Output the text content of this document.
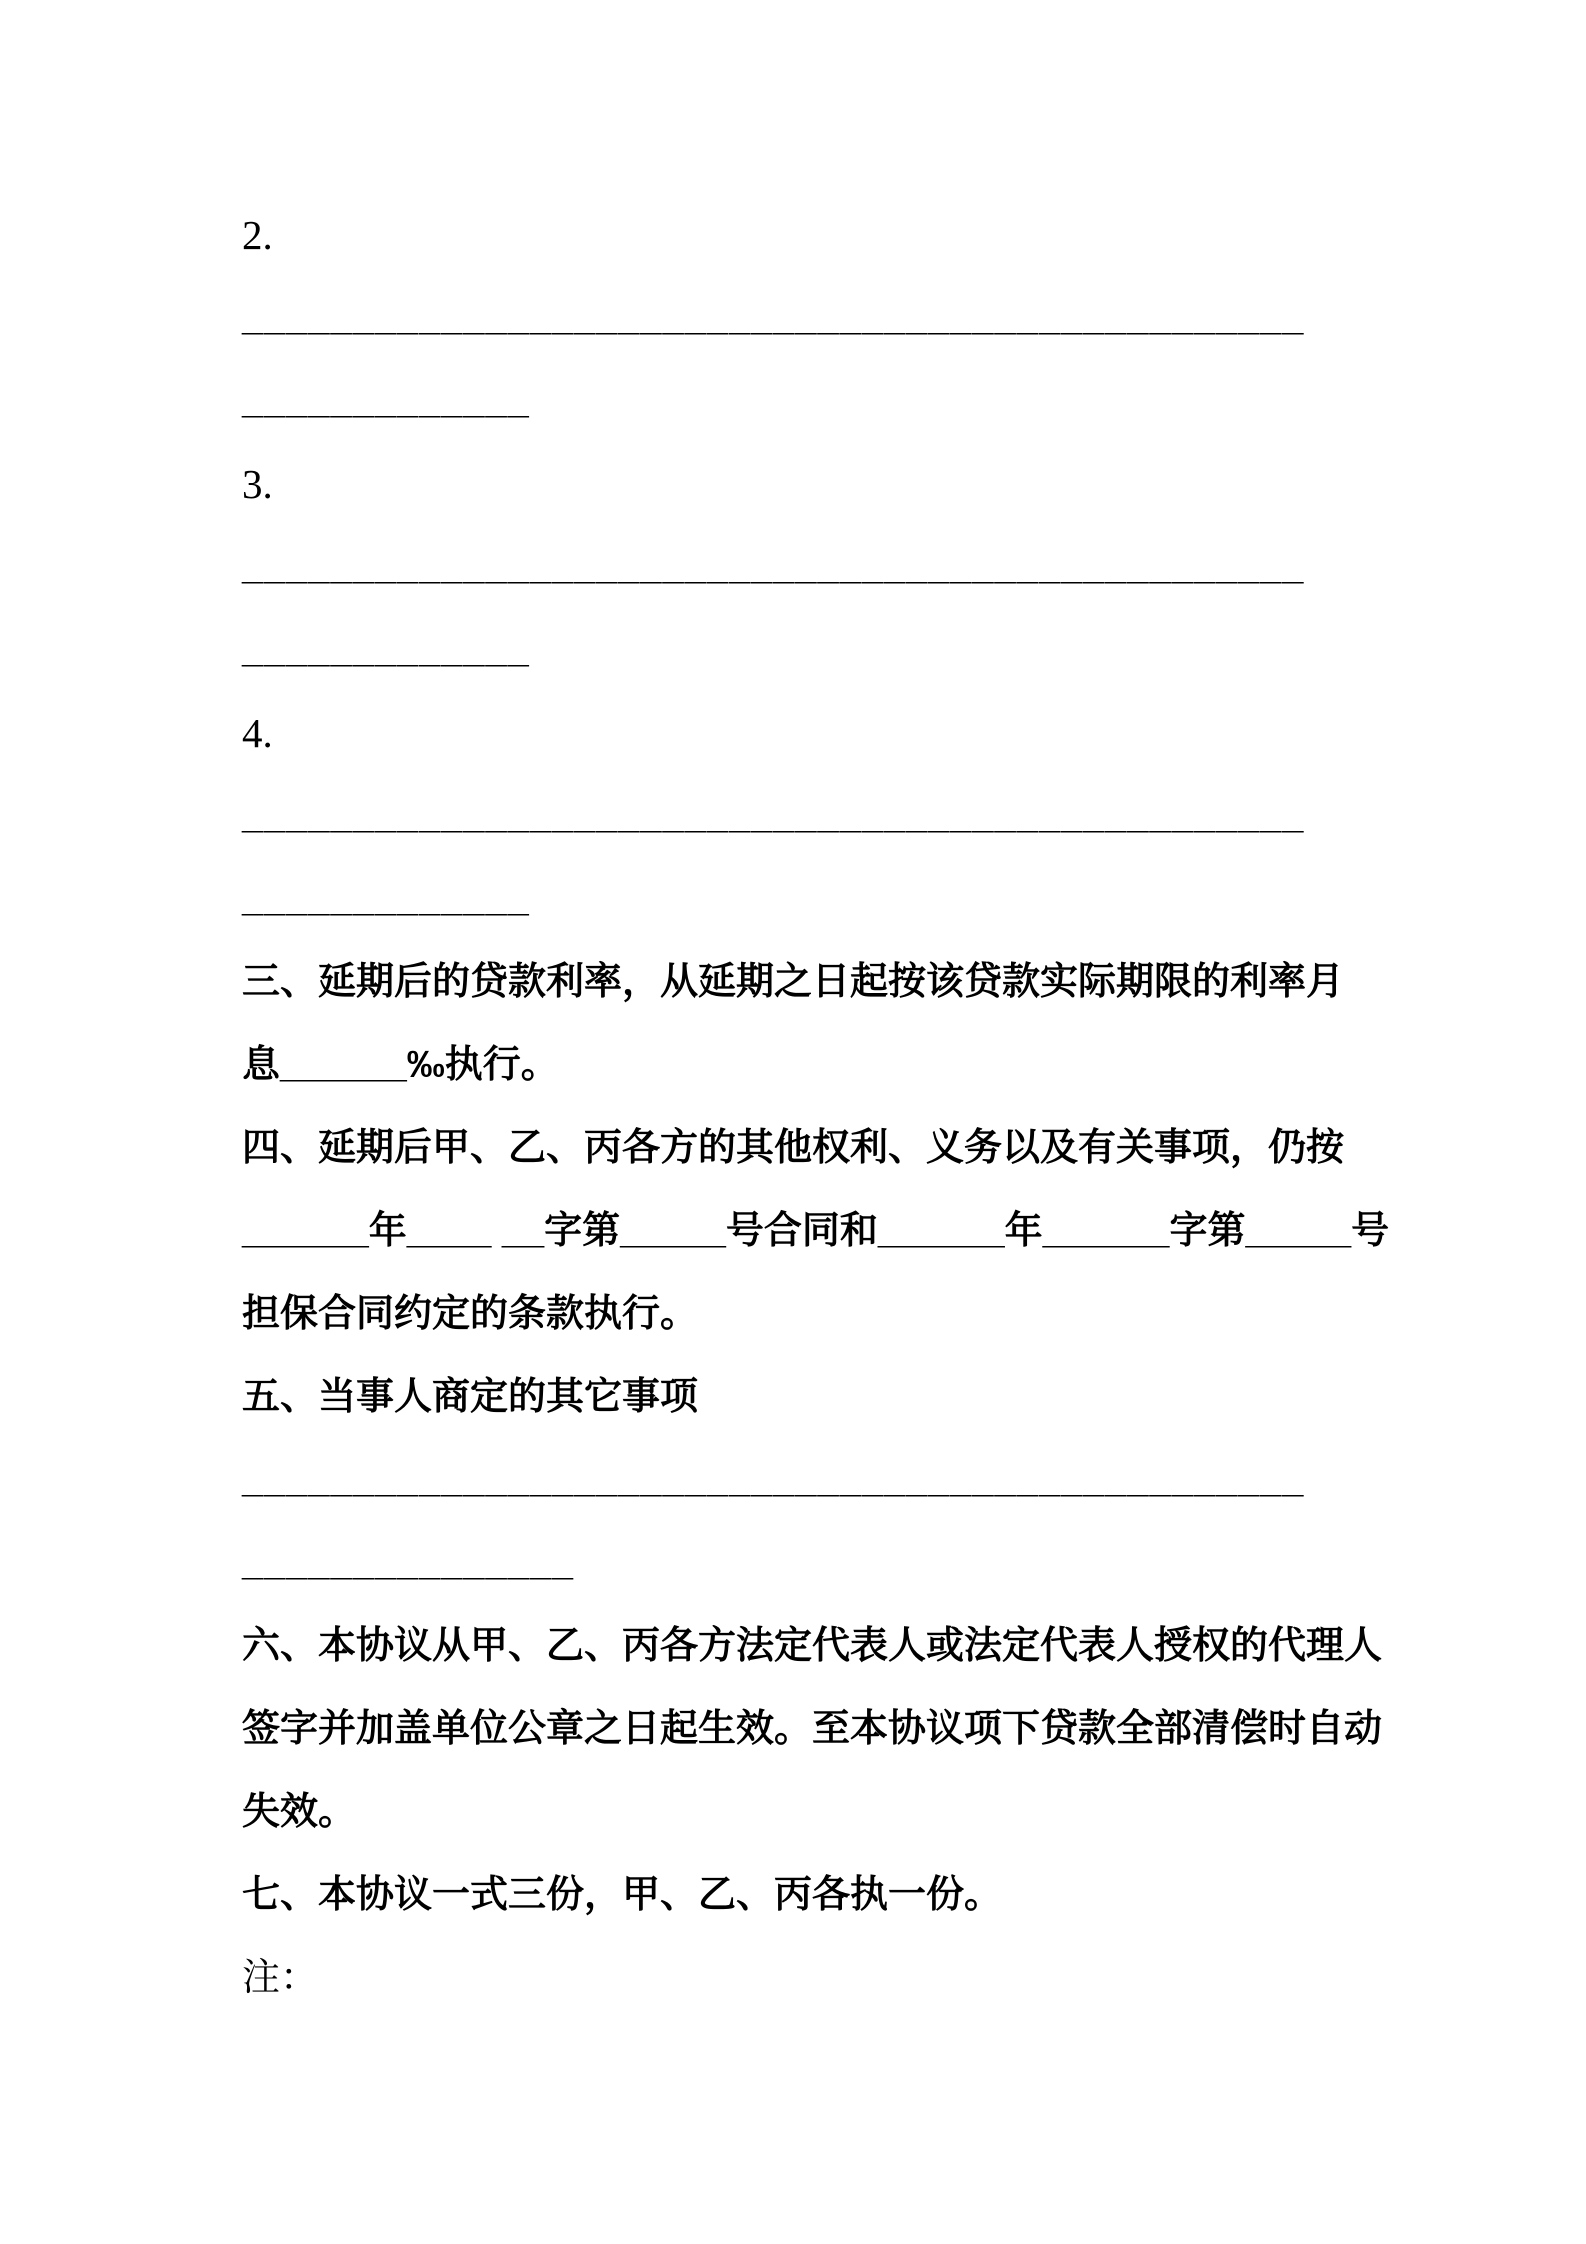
2.
________________________________________________
_____________
3.
________________________________________________
_____________
4.
________________________________________________
_____________
三、延期后的贷款利率，从延期之日起按该贷款实际期限的利率月
息______‰执行。
四、延期后甲、乙、丙各方的其他权利、义务以及有关事项，仍按
______年____ __字第_____号合同和______年______字第_____号
担保合同约定的条款执行。
五、当事人商定的其它事项
________________________________________________
_______________
六、本协议从甲、乙、丙各方法定代表人或法定代表人授权的代理人
签字并加盖单位公章之日起生效。至本协议项下贷款全部清偿时自动
失效。
七、本协议一式三份，甲、乙、丙各执一份。
注：
